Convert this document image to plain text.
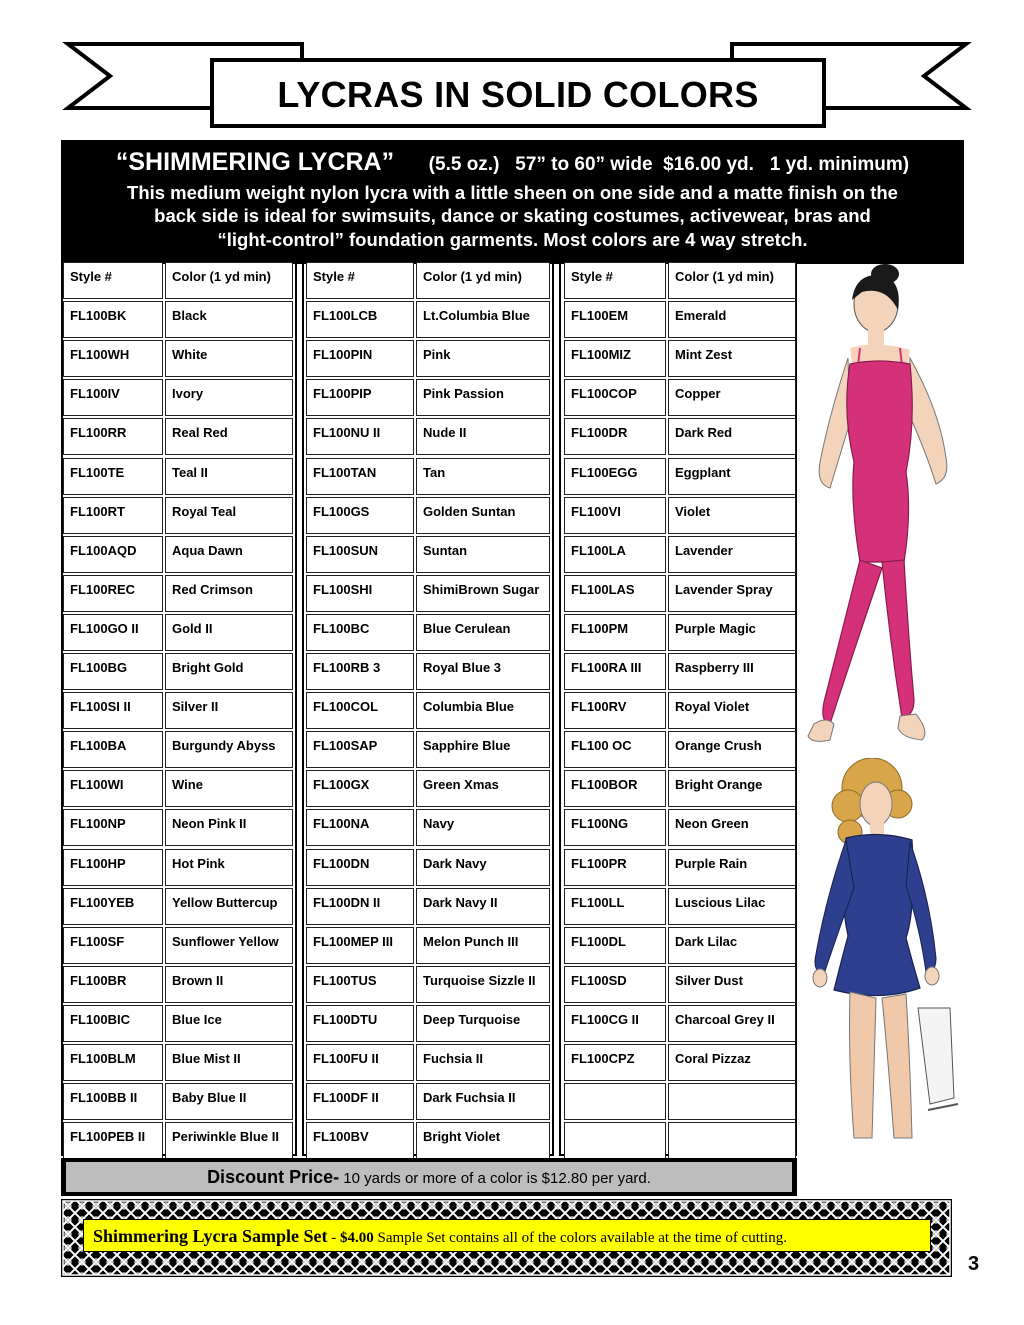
LYCRAS IN SOLID COLORS
“SHIMMERING LYCRA” (5.5 oz.) 57” to 60” wide $16.00 yd. 1 yd. minimum)
This medium weight nylon lycra with a little sheen on one side and a matte finish on the
back side is ideal for swimsuits, dance or skating costumes, activewear, bras and
“light-control” foundation garments. Most colors are 4 way stretch.
Style #	Color (1 yd min)
FL100BK	Black
FL100WH	White
FL100IV	Ivory
FL100RR	Real Red
FL100TE	Teal II
FL100RT	Royal Teal
FL100AQD	Aqua Dawn
FL100REC	Red Crimson
FL100GO II	Gold II
FL100BG	Bright Gold
FL100SI II	Silver II
FL100BA	Burgundy Abyss
FL100WI	Wine
FL100NP	Neon Pink II
FL100HP	Hot Pink
FL100YEB	Yellow Buttercup
FL100SF	Sunflower Yellow
FL100BR	Brown II
FL100BIC	Blue Ice
FL100BLM	Blue Mist II
FL100BB II	Baby Blue II
FL100PEB II	Periwinkle Blue II
Style #	Color (1 yd min)
FL100LCB	Lt.Columbia Blue
FL100PIN	Pink
FL100PIP	Pink Passion
FL100NU II	Nude II
FL100TAN	Tan
FL100GS	Golden Suntan
FL100SUN	Suntan
FL100SHI	ShimiBrown Sugar
FL100BC	Blue Cerulean
FL100RB 3	Royal Blue 3
FL100COL	Columbia Blue
FL100SAP	Sapphire Blue
FL100GX	Green Xmas
FL100NA	Navy
FL100DN	Dark Navy
FL100DN II	Dark Navy II
FL100MEP III	Melon Punch III
FL100TUS	Turquoise Sizzle II
FL100DTU	Deep Turquoise
FL100FU II	Fuchsia II
FL100DF II	Dark Fuchsia II
FL100BV	Bright Violet
Style #	Color (1 yd min)
FL100EM	Emerald
FL100MIZ	Mint Zest
FL100COP	Copper
FL100DR	Dark Red
FL100EGG	Eggplant
FL100VI	Violet
FL100LA	Lavender
FL100LAS	Lavender Spray
FL100PM	Purple Magic
FL100RA III	Raspberry III
FL100RV	Royal Violet
FL100 OC	Orange Crush
FL100BOR	Bright Orange
FL100NG	Neon Green
FL100PR	Purple Rain
FL100LL	Luscious Lilac
FL100DL	Dark Lilac
FL100SD	Silver Dust
FL100CG II	Charcoal Grey II
FL100CPZ	Coral Pizzaz
Discount Price- 10 yards or more of a color is $12.80 per yard.
Shimmering Lycra Sample Set - $4.00 Sample Set contains all of the colors available at the time of cutting.
3
